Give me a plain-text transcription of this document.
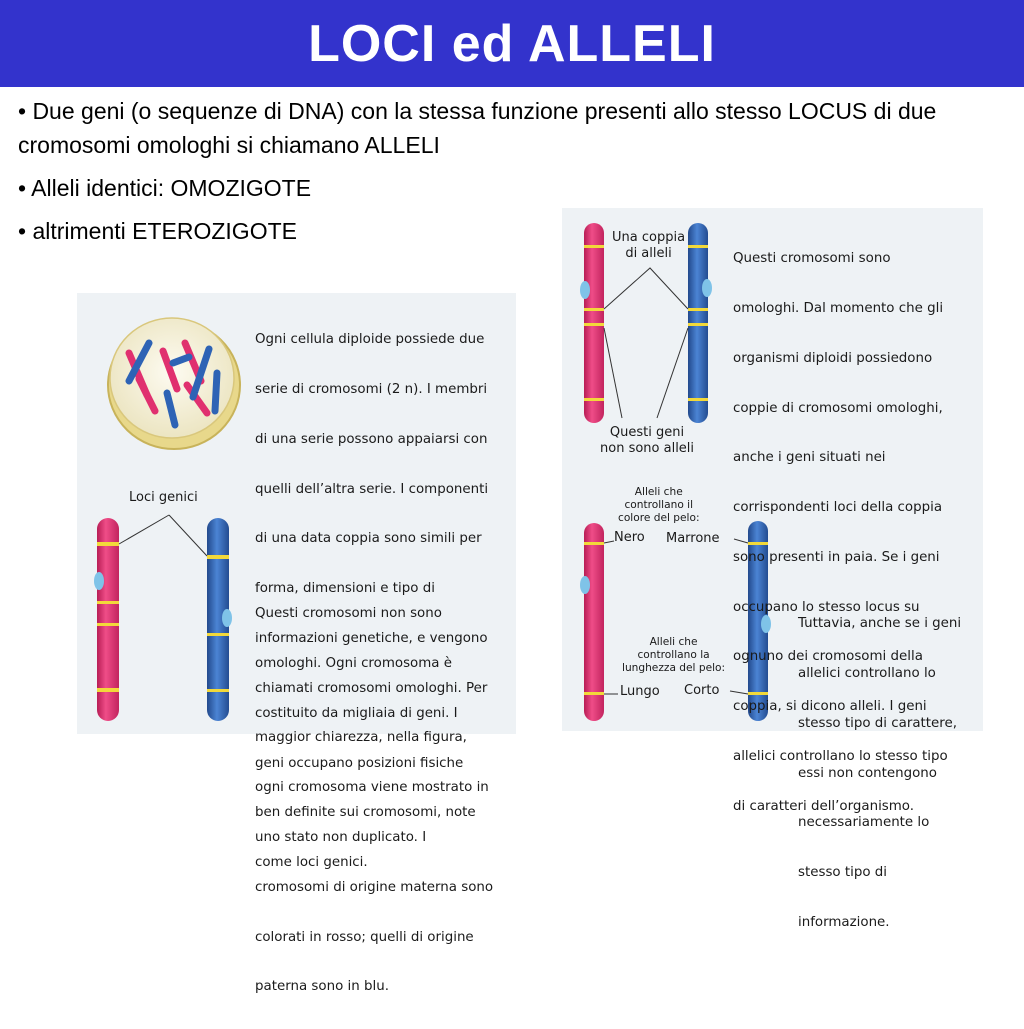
LOCI ed ALLELI

• Due geni (o sequenze di DNA) con la stessa funzione presenti allo stesso LOCUS di due cromosomi omologhi si chiamano ALLELI

• Alleli identici: OMOZIGOTE

• altrimenti ETEROZIGOTE

Ogni cellula diploide possiede due

serie di cromosomi (2 n). I membri

di una serie possono appaiarsi con

quelli dell’altra serie. I componenti

di una data coppia sono simili per

forma, dimensioni e tipo di

informazioni genetiche, e vengono

chiamati cromosomi omologhi. Per

maggior chiarezza, nella figura,

ogni cromosoma viene mostrato in

uno stato non duplicato. I

cromosomi di origine materna sono

colorati in rosso; quelli di origine

paterna sono in blu.

Loci genici

Questi cromosomi non sono

omologhi. Ogni cromosoma è

costituito da migliaia di geni. I

geni occupano posizioni fisiche

ben definite sui cromosomi, note

come loci genici.

Una coppia
di alleli
Questi geni
non sono alleli

Questi cromosomi sono

omologhi. Dal momento che gli

organismi diploidi possiedono

coppie di cromosomi omologhi,

anche i geni situati nei

corrispondenti loci della coppia

sono presenti in paia. Se i geni

occupano lo stesso locus su

ognuno dei cromosomi della

coppia, si dicono alleli. I geni

allelici controllano lo stesso tipo

di caratteri dell’organismo.

Alleli che
controllano il
colore del pelo:
Nero Marrone
Alleli che
controllano la
lunghezza del pelo:
Lungo Corto

Tuttavia, anche se i geni

allelici controllano lo

stesso tipo di carattere,

essi non contengono

necessariamente lo

stesso tipo di

informazione.
